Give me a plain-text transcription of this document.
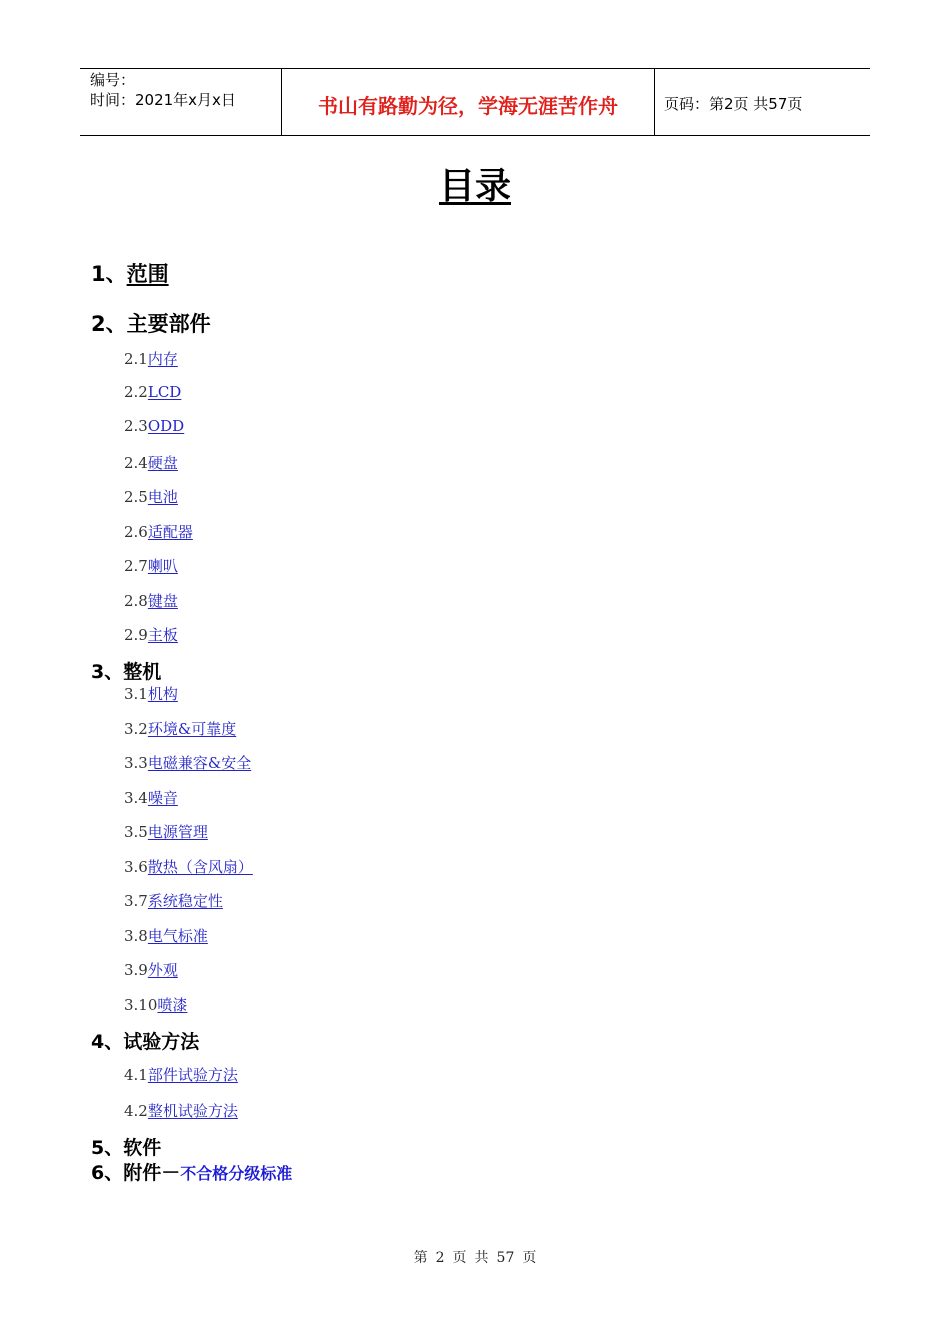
编号：
时间：2021年x月x日	书山有路勤为径，学海无涯苦作舟	页码：第2页 共57页
目录
1、范围
2、主要部件
2.1内存
2.2LCD
2.3ODD
2.4硬盘
2.5电池
2.6适配器
2.7喇叭
2.8键盘
2.9主板
3、整机
3.1机构
3.2环境&可靠度
3.3电磁兼容&安全
3.4噪音
3.5电源管理
3.6散热（含风扇）
3.7系统稳定性
3.8电气标准
3.9外观
3.10喷漆
4、试验方法
4.1部件试验方法
4.2整机试验方法
5、软件
6、附件－不合格分级标准
第 2 页 共 57 页
